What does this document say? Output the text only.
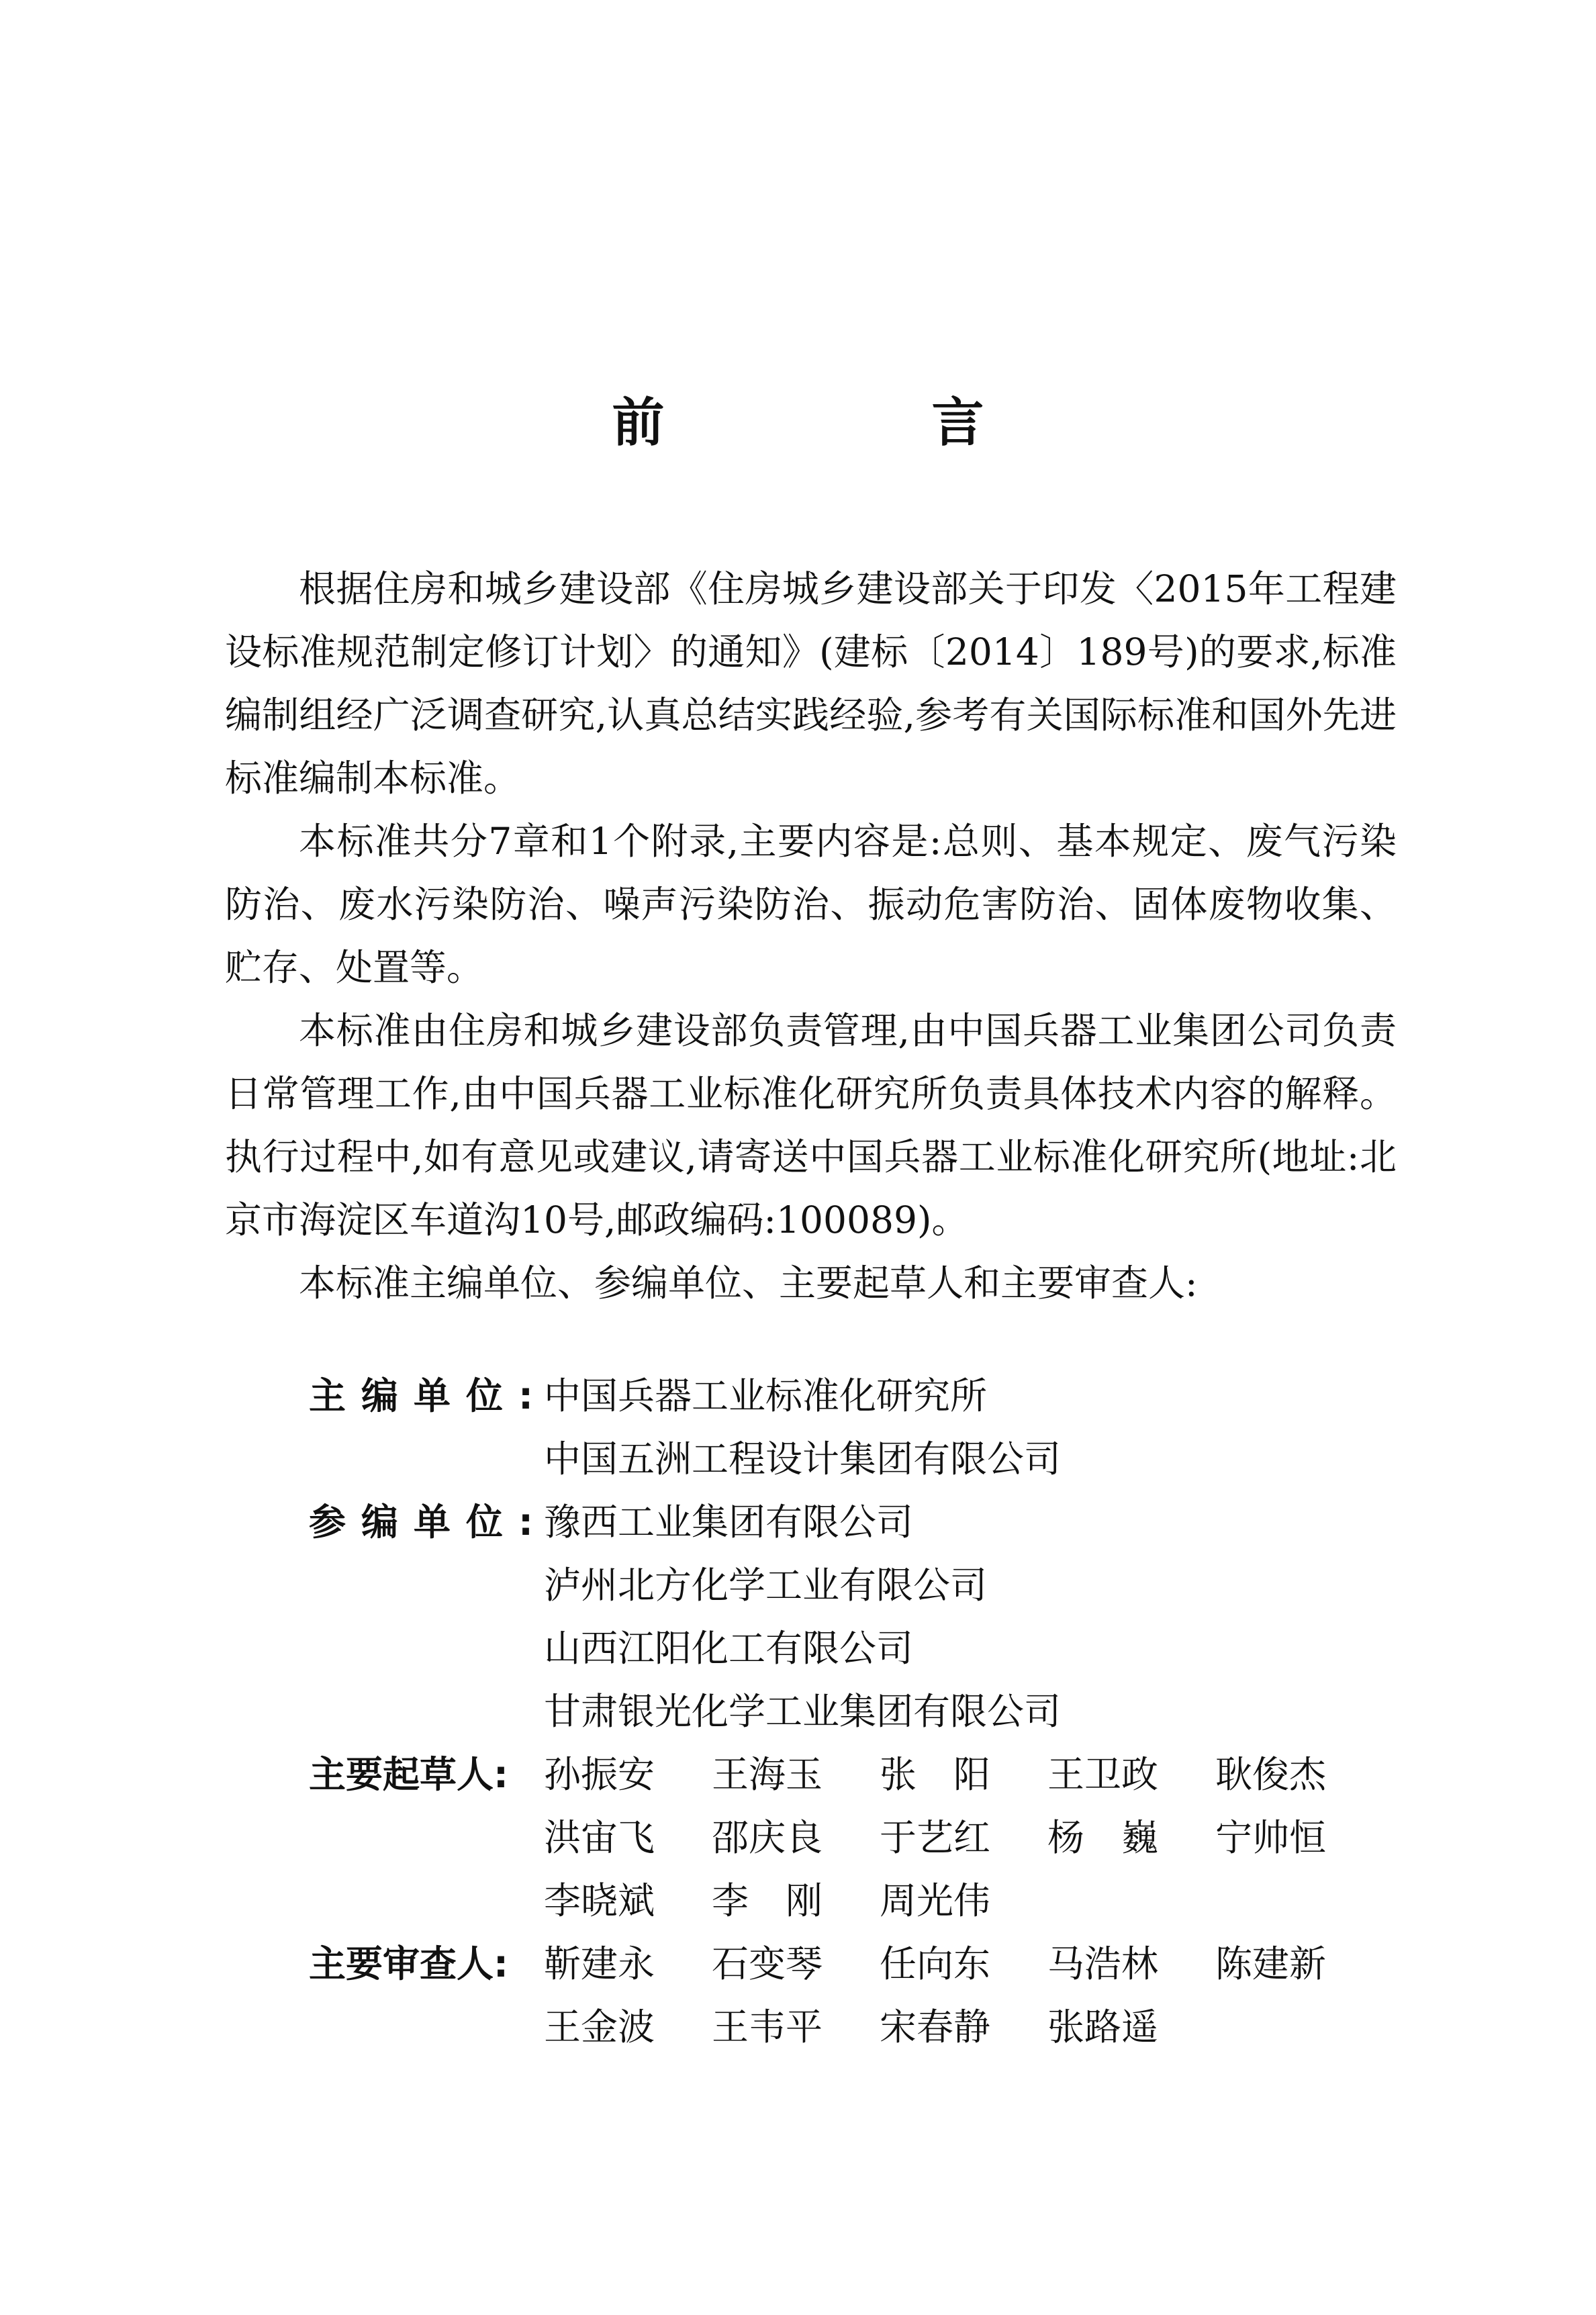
前　言

根据住房和城乡建设部《住房城乡建设部关于印发〈2015年工程建设标准规范制定修订计划〉的通知》(建标〔2014〕189号)的要求,标准编制组经广泛调查研究,认真总结实践经验,参考有关国际标准和国外先进标准编制本标准。

本标准共分7章和1个附录,主要内容是:总则、基本规定、废气污染防治、废水污染防治、噪声污染防治、振动危害防治、固体废物收集、贮存、处置等。

本标准由住房和城乡建设部负责管理,由中国兵器工业集团公司负责日常管理工作,由中国兵器工业标准化研究所负责具体技术内容的解释。执行过程中,如有意见或建议,请寄送中国兵器工业标准化研究所(地址:北京市海淀区车道沟10号,邮政编码:100089)。

本标准主编单位、参编单位、主要起草人和主要审查人:

主编单位:
中国兵器工业标准化研究所
中国五洲工程设计集团有限公司
参编单位:
豫西工业集团有限公司
泸州北方化学工业有限公司
山西江阳化工有限公司
甘肃银光化学工业集团有限公司
主要起草人: 孙振安	王海玉	张　阳	王卫政	耿俊杰
洪宙飞	邵庆良	于艺红	杨　巍	宁帅恒
李晓斌	李　刚	周光伟
主要审查人: 靳建永	石变琴	任向东	马浩林	陈建新
王金波	王韦平	宋春静	张路遥
